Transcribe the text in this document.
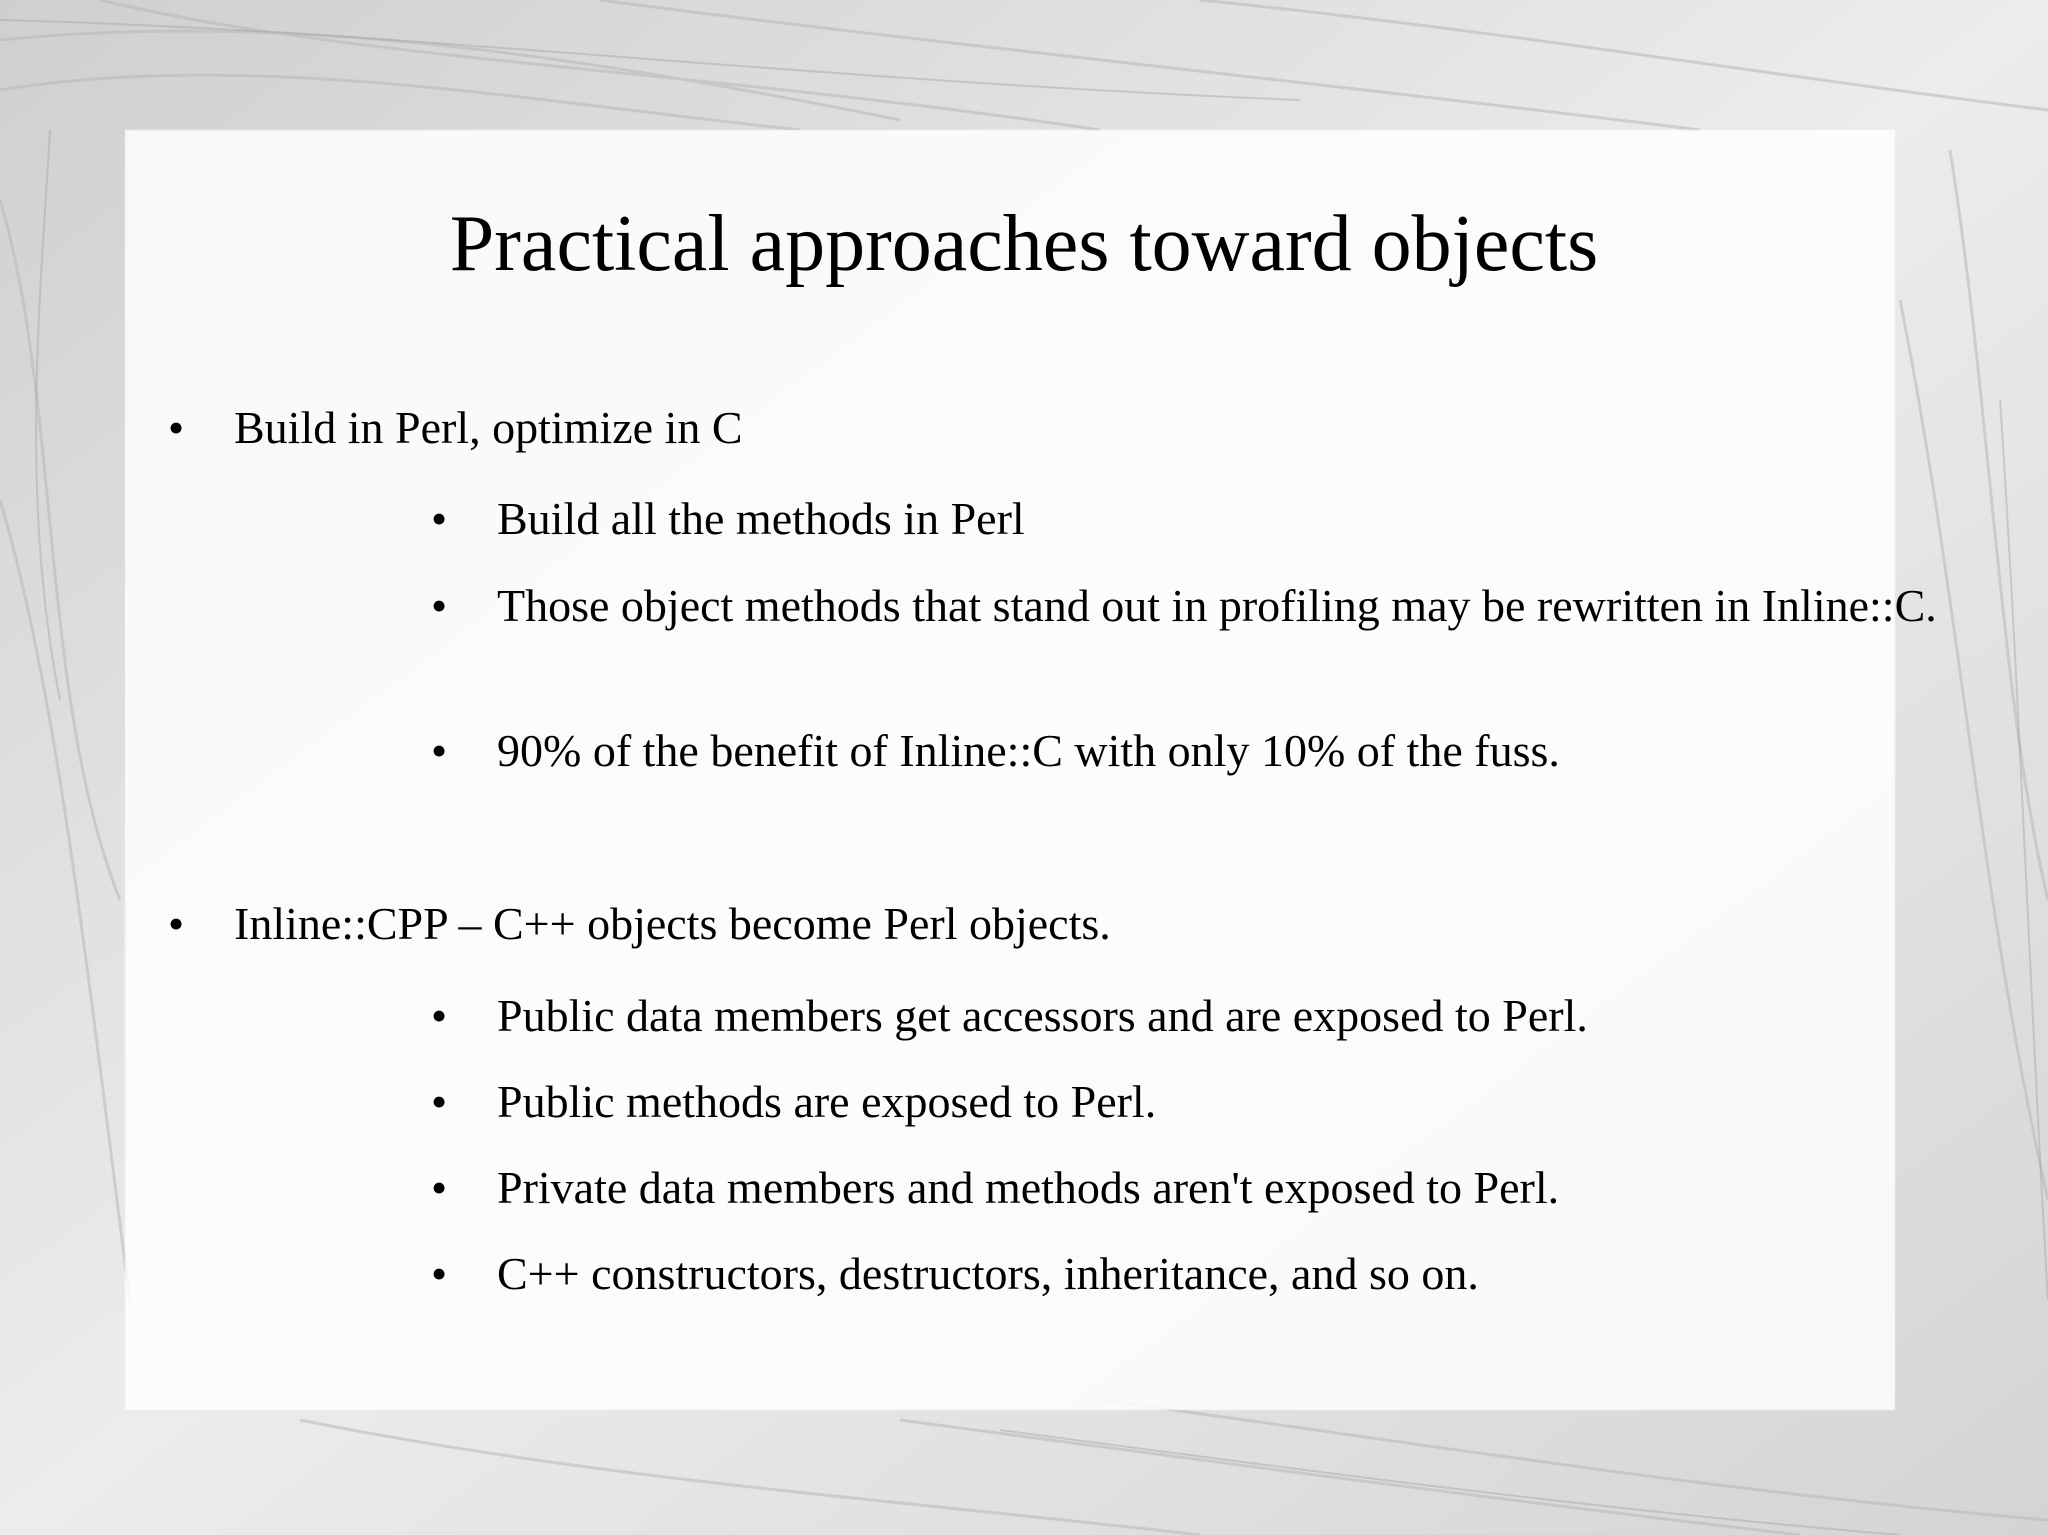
Practical approaches toward objects
• Build in Perl, optimize in C
• Build all the methods in Perl
• Those object methods that stand out in profiling may be rewritten in Inline::C.
• 90% of the benefit of Inline::C with only 10% of the fuss.
• Inline::CPP – C++ objects become Perl objects.
• Public data members get accessors and are exposed to Perl.
• Public methods are exposed to Perl.
• Private data members and methods aren't exposed to Perl.
• C++ constructors, destructors, inheritance, and so on.
